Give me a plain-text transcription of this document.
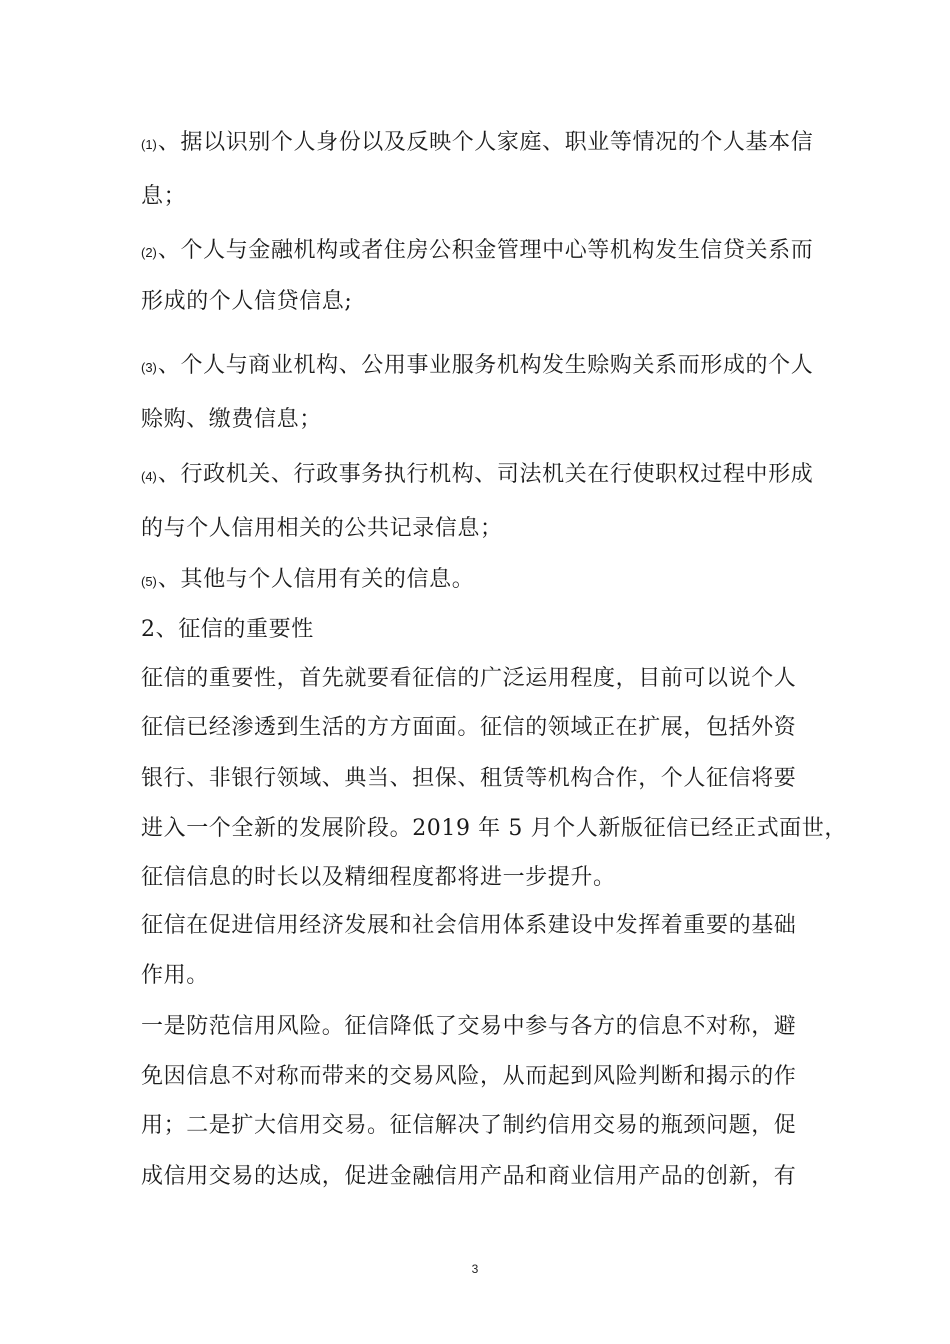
(1)、据以识别个人身份以及反映个人家庭、职业等情况的个人基本信
息；
(2)、个人与金融机构或者住房公积金管理中心等机构发生信贷关系而
形成的个人信贷信息;
(3)、个人与商业机构、公用事业服务机构发生赊购关系而形成的个人
赊购、缴费信息；
(4)、行政机关、行政事务执行机构、司法机关在行使职权过程中形成
的与个人信用相关的公共记录信息；
(5)、其他与个人信用有关的信息。
2、征信的重要性
征信的重要性，首先就要看征信的广泛运用程度，目前可以说个人
征信已经渗透到生活的方方面面。征信的领域正在扩展，包括外资
银行、非银行领域、典当、担保、租赁等机构合作，个人征信将要
进入一个全新的发展阶段。2019 年 5 月个人新版征信已经正式面世，
征信信息的时长以及精细程度都将进一步提升。
征信在促进信用经济发展和社会信用体系建设中发挥着重要的基础
作用。
一是防范信用风险。征信降低了交易中参与各方的信息不对称，避
免因信息不对称而带来的交易风险，从而起到风险判断和揭示的作
用；二是扩大信用交易。征信解决了制约信用交易的瓶颈问题，促
成信用交易的达成，促进金融信用产品和商业信用产品的创新，有
3
